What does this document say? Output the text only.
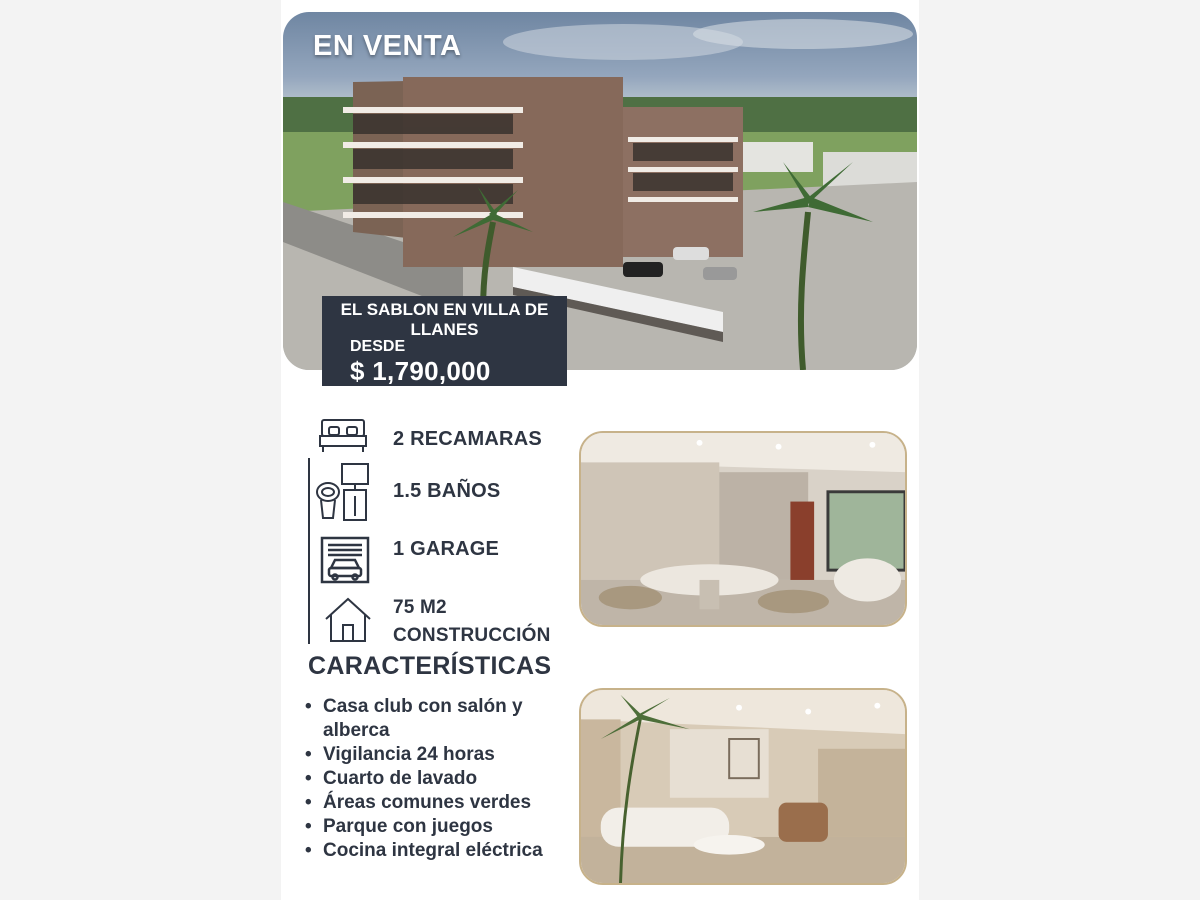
EN VENTA
EL SABLON EN VILLA DE LLANES
DESDE
$ 1,790,000
2 RECAMARAS
1.5 BAÑOS
1 GARAGE
75 M2
CONSTRUCCIÓN
CARACTERÍSTICAS
• Casa club con salón y alberca
• Vigilancia 24 horas
• Cuarto de lavado
• Áreas comunes verdes
• Parque con juegos
• Cocina integral eléctrica
